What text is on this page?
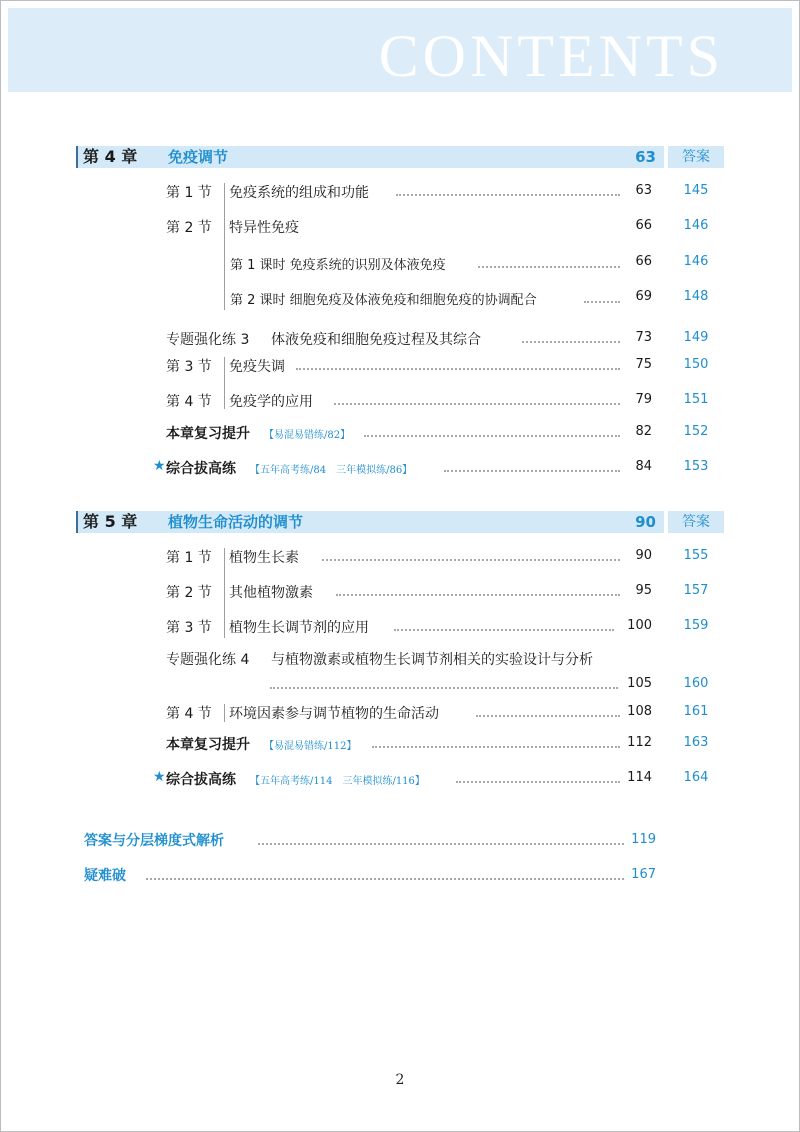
CONTENTS
第 4 章 免疫调节	63	答案
第 1 节 免疫系统的组成和功能	63	145
第 2 节 特异性免疫	66	146
第 1 课时 免疫系统的识别及体液免疫	66	146
第 2 课时 细胞免疫及体液免疫和细胞免疫的协调配合	69	148
专题强化练 3 体液免疫和细胞免疫过程及其综合	73	149
第 3 节 免疫失调	75	150
第 4 节 免疫学的应用	79	151
本章复习提升 【易混易错练/82】	82	152
★ 综合拔高练 【五年高考练/84　三年模拟练/86】	84	153
第 5 章 植物生命活动的调节	90	答案
第 1 节 植物生长素	90	155
第 2 节 其他植物激素	95	157
第 3 节 植物生长调节剂的应用	100	159
专题强化练 4 与植物激素或植物生长调节剂相关的实验设计与分析
105	160
第 4 节 环境因素参与调节植物的生命活动	108	161
本章复习提升 【易混易错练/112】	112	163
★ 综合拔高练 【五年高考练/114　三年模拟练/116】	114	164
答案与分层梯度式解析	119
疑难破	167
2
